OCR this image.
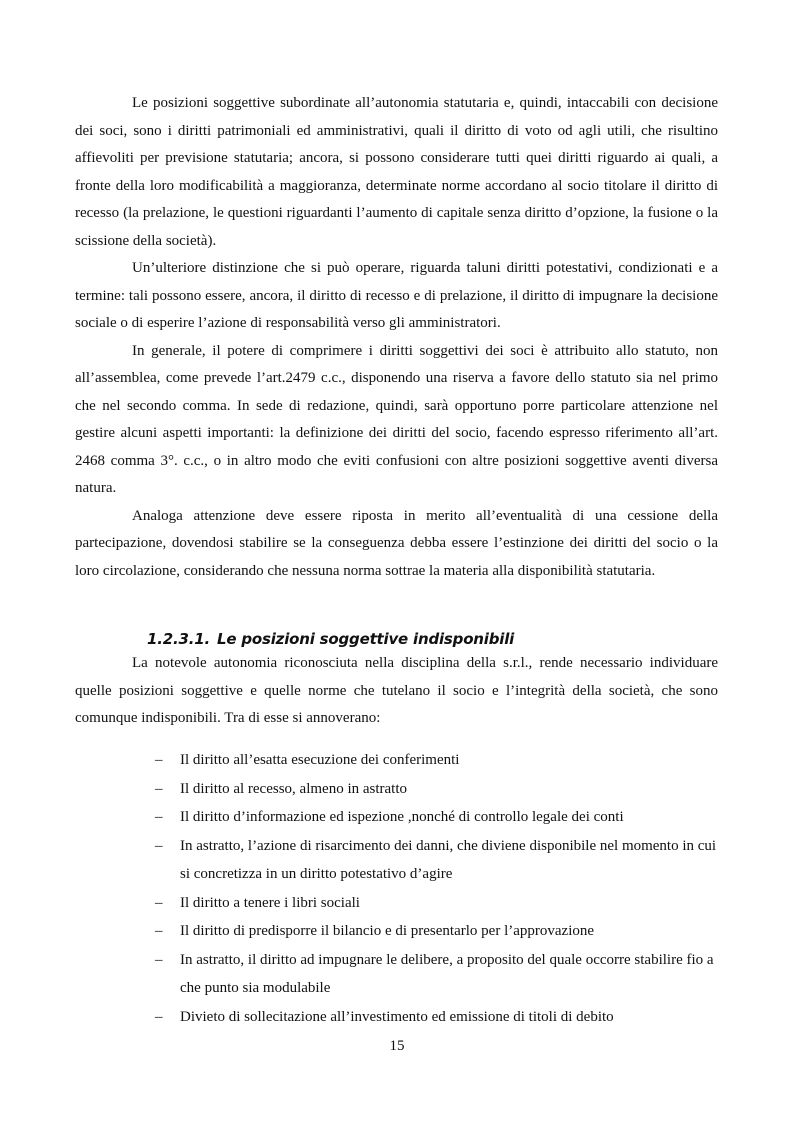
Le posizioni soggettive subordinate all’autonomia statutaria e, quindi, intaccabili con decisione dei soci, sono i diritti patrimoniali ed amministrativi, quali il diritto di voto od agli utili, che risultino affievoliti per previsione statutaria; ancora, si possono considerare tutti quei diritti riguardo ai quali, a fronte della loro modificabilità a maggioranza, determinate norme accordano al socio titolare il diritto di recesso (la prelazione, le questioni riguardanti l’aumento di capitale senza diritto d’opzione, la fusione o la scissione della società).

Un’ulteriore distinzione che si può operare, riguarda taluni diritti potestativi, condizionati e a termine: tali possono essere, ancora, il diritto di recesso e di prelazione, il diritto di impugnare la decisione sociale o di esperire l’azione di responsabilità verso gli amministratori.

In generale, il potere di comprimere i diritti soggettivi dei soci è attribuito allo statuto, non all’assemblea, come prevede l’art.2479 c.c., disponendo una riserva a favore dello statuto sia nel primo che nel secondo comma. In sede di redazione, quindi, sarà opportuno porre particolare attenzione nel gestire alcuni aspetti importanti: la definizione dei diritti del socio, facendo espresso riferimento all’art. 2468 comma 3°. c.c., o in altro modo che eviti confusioni con altre posizioni soggettive aventi diversa natura.

Analoga attenzione deve essere riposta in merito all’eventualità di una cessione della partecipazione, dovendosi stabilire se la conseguenza debba essere l’estinzione dei diritti del socio o la loro circolazione, considerando che nessuna norma sottrae la materia alla disponibilità statutaria.

1.2.3.1. Le posizioni soggettive indisponibili

La notevole autonomia riconosciuta nella disciplina della s.r.l., rende necessario individuare quelle posizioni soggettive e quelle norme che tutelano il socio e l’integrità della società, che sono comunque indisponibili. Tra di esse si annoverano:

– Il diritto all’esatta esecuzione dei conferimenti
– Il diritto al recesso, almeno in astratto
– Il diritto d’informazione ed ispezione ,nonché di controllo legale dei conti
– In astratto, l’azione di risarcimento dei danni, che diviene disponibile nel momento in cui si concretizza in un diritto potestativo d’agire
– Il diritto a tenere i libri sociali
– Il diritto di predisporre il bilancio e di presentarlo per l’approvazione
– In astratto, il diritto ad impugnare le delibere, a proposito del quale occorre stabilire fio a che punto sia modulabile
– Divieto di sollecitazione all’investimento ed emissione di titoli di debito
15
